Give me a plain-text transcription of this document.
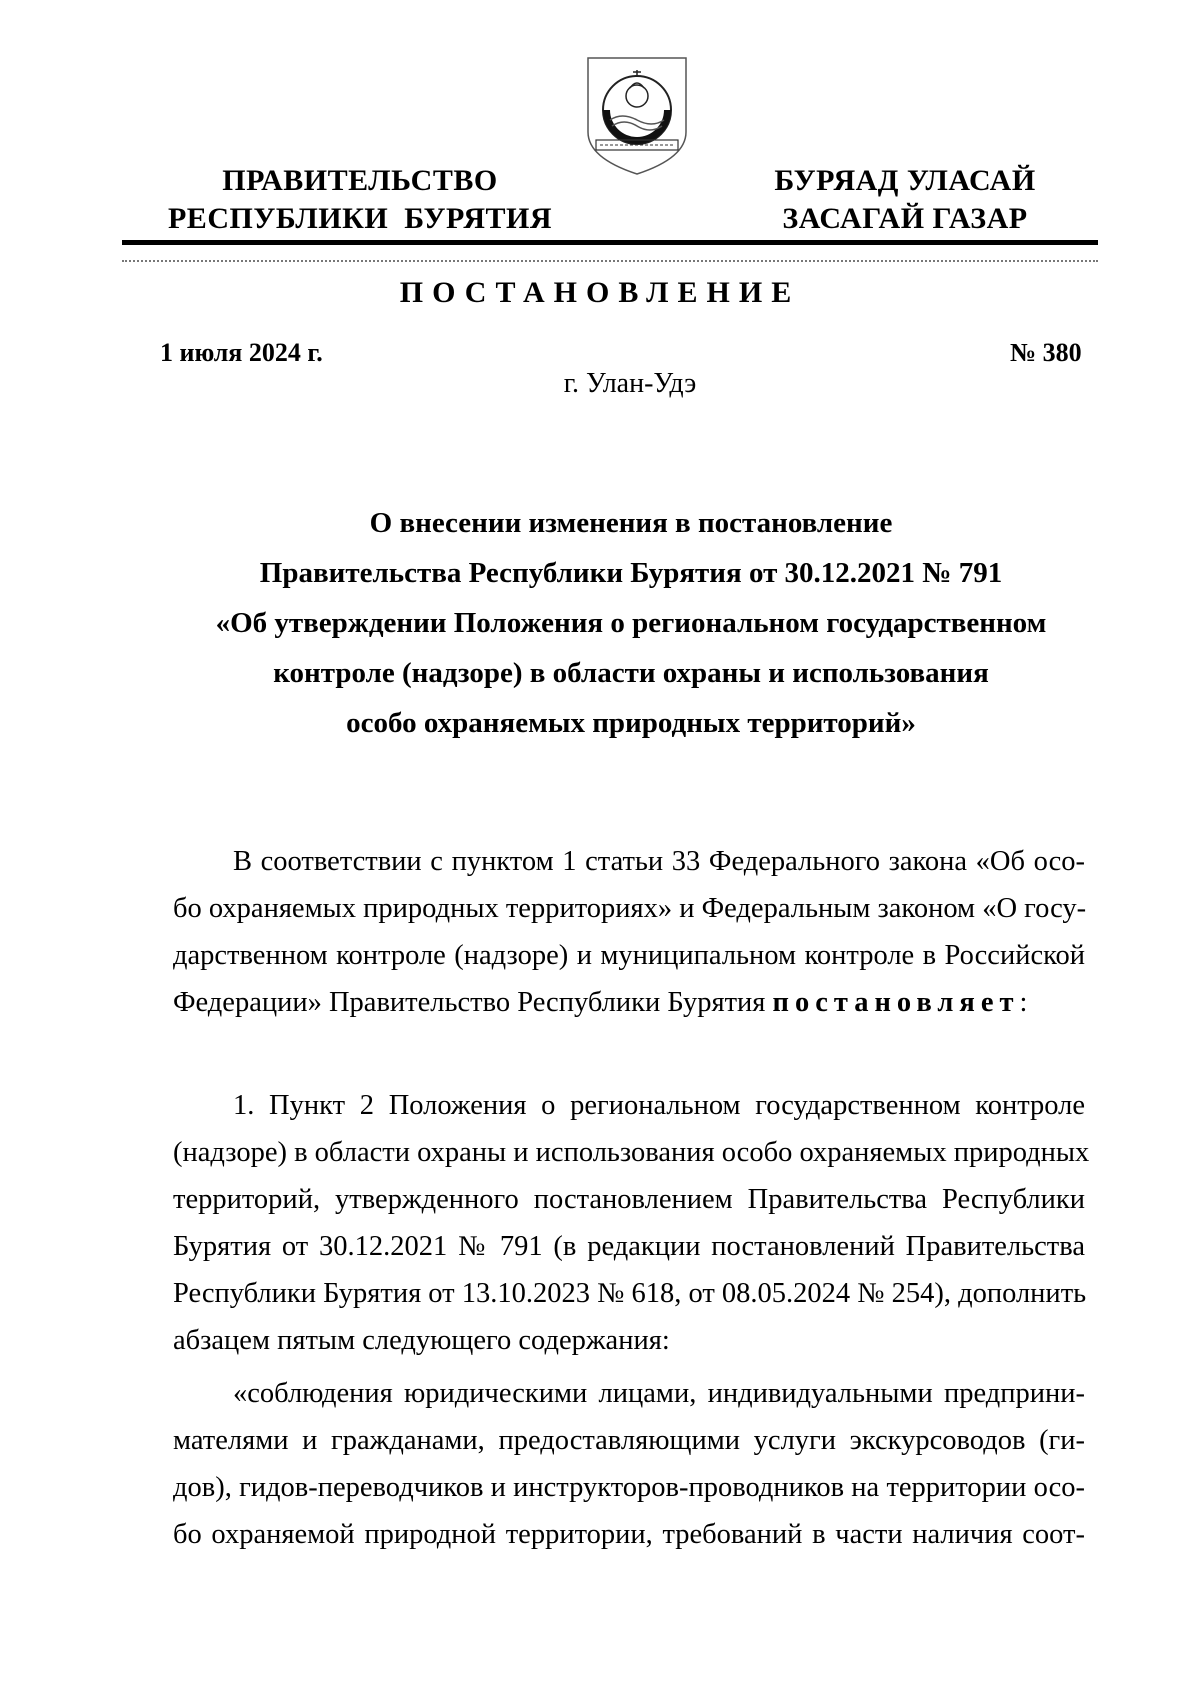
ПРАВИТЕЛЬСТВО
РЕСПУБЛИКИ  БУРЯТИЯ
БУРЯАД УЛАСАЙ
ЗАСАГАЙ ГАЗАР
ПОСТАНОВЛЕНИЕ
1 июля 2024 г.	№ 380
г. Улан-Удэ
О внесении изменения в постановление
Правительства Республики Бурятия от 30.12.2021 № 791
«Об утверждении Положения о региональном государственном
контроле (надзоре) в области охраны и использования
особо охраняемых природных территорий»
В соответствии с пунктом 1 статьи 33 Федерального закона «Об осо-
бо охраняемых природных территориях» и Федеральным законом «О госу-
дарственном контроле (надзоре) и муниципальном контроле в Российской
Федерации» Правительство Республики Бурятия постановляет:
1. Пункт 2 Положения о региональном государственном контроле
(надзоре) в области охраны и использования особо охраняемых природных
территорий, утвержденного постановлением Правительства Республики
Бурятия от 30.12.2021 № 791 (в редакции постановлений Правительства
Республики Бурятия от 13.10.2023 № 618, от 08.05.2024 № 254), дополнить
абзацем пятым следующего содержания:
«соблюдения юридическими лицами, индивидуальными предприни-
мателями и гражданами, предоставляющими услуги экскурсоводов (ги-
дов), гидов-переводчиков и инструкторов-проводников на территории осо-
бо охраняемой природной территории, требований в части наличия соот-
